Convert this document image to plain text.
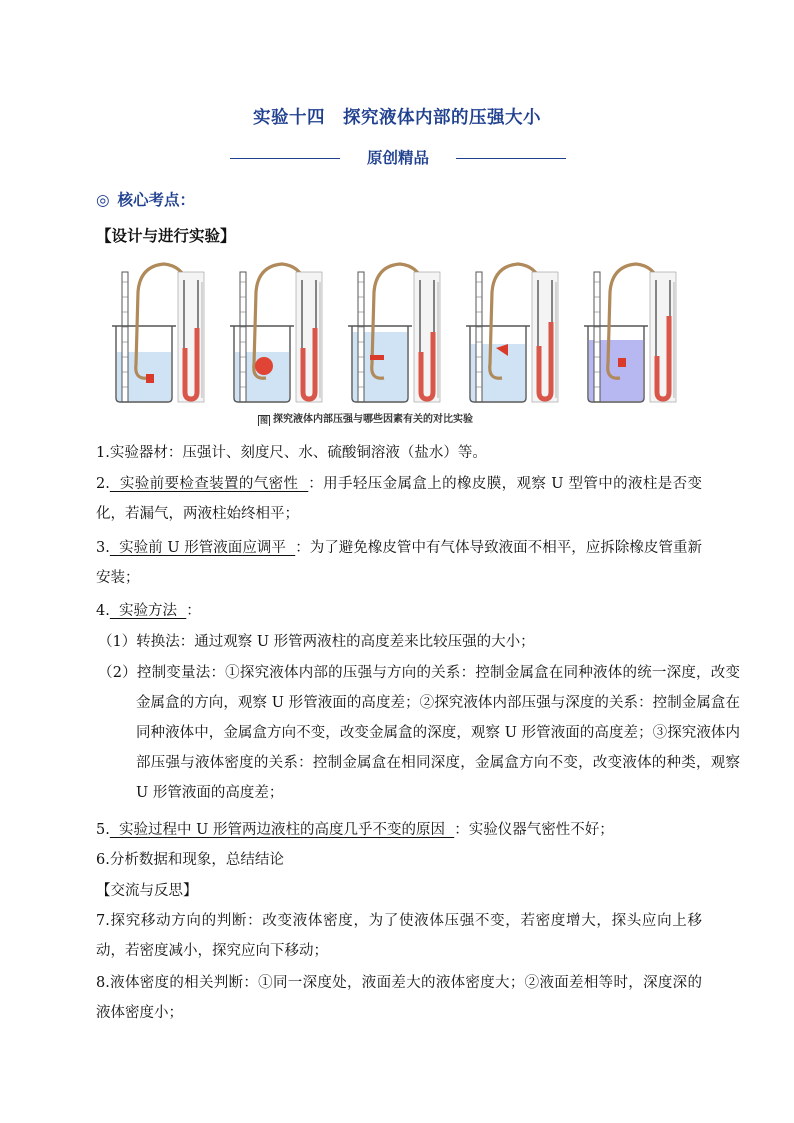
实验十四　探究液体内部的压强大小
原创精品
◎ 核心考点：
【设计与进行实验】
图 探究液体内部压强与哪些因素有关的对比实验
1.实验器材：压强计、刻度尺、水、硫酸铜溶液（盐水）等。
2.  实验前要检查装置的气密性  ：用手轻压金属盒上的橡皮膜，观察 U 型管中的液柱是否变化，若漏气，两液柱始终相平；
3.  实验前 U 形管液面应调平  ：为了避免橡皮管中有气体导致液面不相平，应拆除橡皮管重新安装；
4.  实验方法  ：
（1）转换法：通过观察 U 形管两液柱的高度差来比较压强的大小；
（2）控制变量法：①探究液体内部的压强与方向的关系：控制金属盒在同种液体的统一深度，改变金属盒的方向，观察 U 形管液面的高度差；②探究液体内部压强与深度的关系：控制金属盒在同种液体中，金属盒方向不变，改变金属盒的深度，观察 U 形管液面的高度差；③探究液体内部压强与液体密度的关系：控制金属盒在相同深度，金属盒方向不变，改变液体的种类，观察 U 形管液面的高度差；
5.  实验过程中 U 形管两边液柱的高度几乎不变的原因  ：实验仪器气密性不好；
6.分析数据和现象，总结结论
【交流与反思】
7.探究移动方向的判断：改变液体密度，为了使液体压强不变，若密度增大，探头应向上移动，若密度减小，探究应向下移动；
8.液体密度的相关判断：①同一深度处，液面差大的液体密度大；②液面差相等时，深度深的液体密度小；
